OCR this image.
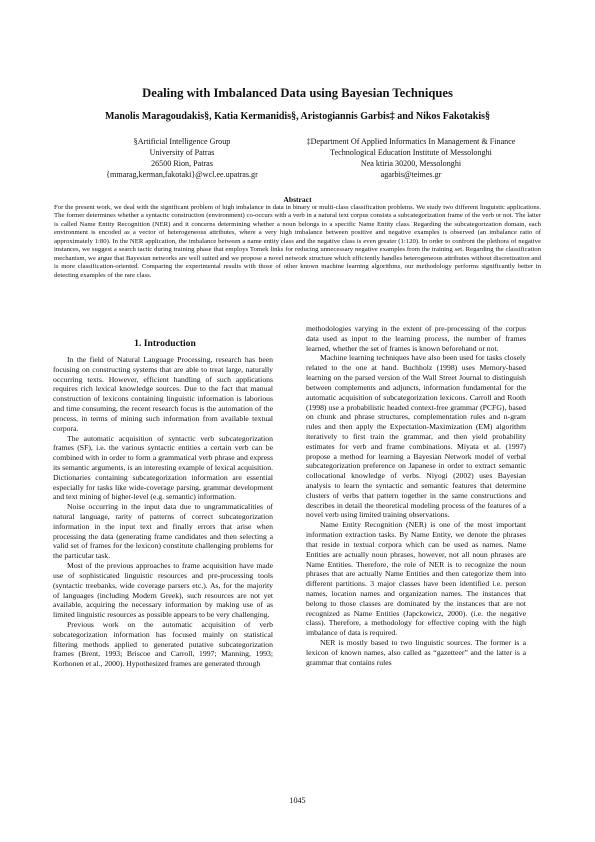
Dealing with Imbalanced Data using Bayesian Techniques
Manolis Maragoudakis§, Katia Kermanidis§, Aristogiannis Garbis‡ and Nikos Fakotakis§
§Artificial Intelligence Group
University of Patras
26500 Rion, Patras
{mmarag,kerman,fakotaki}@wcl.ee.upatras.gr
‡Department Of Applied Informatics In Management & Finance
Technological Education Institute of Messolonghi
Nea ktiria 30200, Messolonghi
agarbis@teimes.gr
Abstract
For the present work, we deal with the significant problem of high imbalance in data in binary or multi-class classification problems. We study two different linguistic applications. The former determines whether a syntactic construction (environment) co-occurs with a verb in a natural text corpus consists a subcategorization frame of the verb or not. The latter is called Name Entity Recognition (NER) and it concerns determining whether a noun belongs to a specific Name Entity class. Regarding the subcategorization domain, each environment is encoded as a vector of heterogeneous attributes, where a very high imbalance between positive and negative examples is observed (an imbalance ratio of approximately 1:80). In the NER application, the imbalance between a name entity class and the negative class is even greater (1:120). In order to confront the plethora of negative instances, we suggest a search tactic during training phase that employs Tomek links for reducing unnecessary negative examples from the training set. Regarding the classification mechanism, we argue that Bayesian networks are well suited and we propose a novel network structure which efficiently handles heterogeneous attributes without discretization and is more classification-oriented. Comparing the experimental results with those of other known machine learning algorithms, our methodology performs significantly better in detecting examples of the rare class.
1. Introduction

In the field of Natural Language Processing, research has been focusing on constructing systems that are able to treat large, naturally occurring texts. However, efficient handling of such applications requires rich lexical knowledge sources. Due to the fact that manual construction of lexicons containing linguistic information is laborious and time consuming, the recent research focus is the automation of the process, in terms of mining such information from available textual corpora.

The automatic acquisition of syntactic verb subcategorization frames (SF), i.e. the various syntactic entities a certain verb can be combined with in order to form a grammatical verb phrase and express its semantic arguments, is an interesting example of lexical acquisition. Dictionaries containing subcategorization information are essential especially for tasks like wide-coverage parsing, grammar development and text mining of higher-level (e.g. semantic) information.

Noise occurring in the input data due to ungrammaticalities of natural language, rarity of patterns of correct subcategorization information in the input text and finally errors that arise when processing the data (generating frame candidates and then selecting a valid set of frames for the lexicon) constitute challenging problems for the particular task.

Most of the previous approaches to frame acquisition have made use of sophisticated linguistic resources and pre-processing tools (syntactic treebanks, wide coverage parsers etc.). As, for the majority of languages (including Modern Greek), such resources are not yet available, acquiring the necessary information by making use of as limited linguistic resources as possible appears to be very challenging.

Previous work on the automatic acquisition of verb subcategorization information has focused mainly on statistical filtering methods applied to generated putative subcategorization frames (Brent, 1993; Briscoe and Carroll, 1997; Manning, 1993; Korhonen et al., 2000). Hypothesized frames are generated through

methodologies varying in the extent of pre-processing of the corpus data used as input to the learning process, the number of frames learned, whether the set of frames is known beforehand or not.

Machine learning techniques have also been used for tasks closely related to the one at hand. Buchholz (1998) uses Memory-based learning on the parsed version of the Wall Street Journal to distinguish between complements and adjuncts, information fundamental for the automatic acquisition of subcategorization lexicons. Carroll and Rooth (1998) use a probabilistic headed context-free grammar (PCFG), based on chunk and phrase structures, complementation rules and n-gram rules and then apply the Expectation-Maximization (EM) algorithm iteratively to first train the grammar, and then yield probability estimates for verb and frame combinations. Miyata et al. (1997) propose a method for learning a Bayesian Network model of verbal subcategorization preference on Japanese in order to extract semantic collocational knowledge of verbs. Niyogi (2002) uses Bayesian analysis to learn the syntactic and semantic features that determine clusters of verbs that pattern together in the same constructions and describes in detail the theoretical modeling process of the features of a novel verb using limited training observations.

Name Entity Recognition (NER) is one of the most important information extraction tasks. By Name Entity, we denote the phrases that reside in textual corpora which can be used as names. Name Entities are actually noun phrases, however, not all noun phrases are Name Entities. Therefore, the role of NER is to recognize the noun phrases that are actually Name Entities and then categorize them into different partitions. 3 major classes have been identified i.e. person names, location names and organization names. The instances that belong to those classes are dominated by the instances that are not recognized as Name Entities (Japckowicz, 2000). (i.e. the negative class). Therefore, a methodology for effective coping with the high imbalance of data is required.

NER is mostly based to two linguistic sources. The former is a lexicon of known names, also called as “gazetteer” and the latter is a grammar that contains rules

1045
